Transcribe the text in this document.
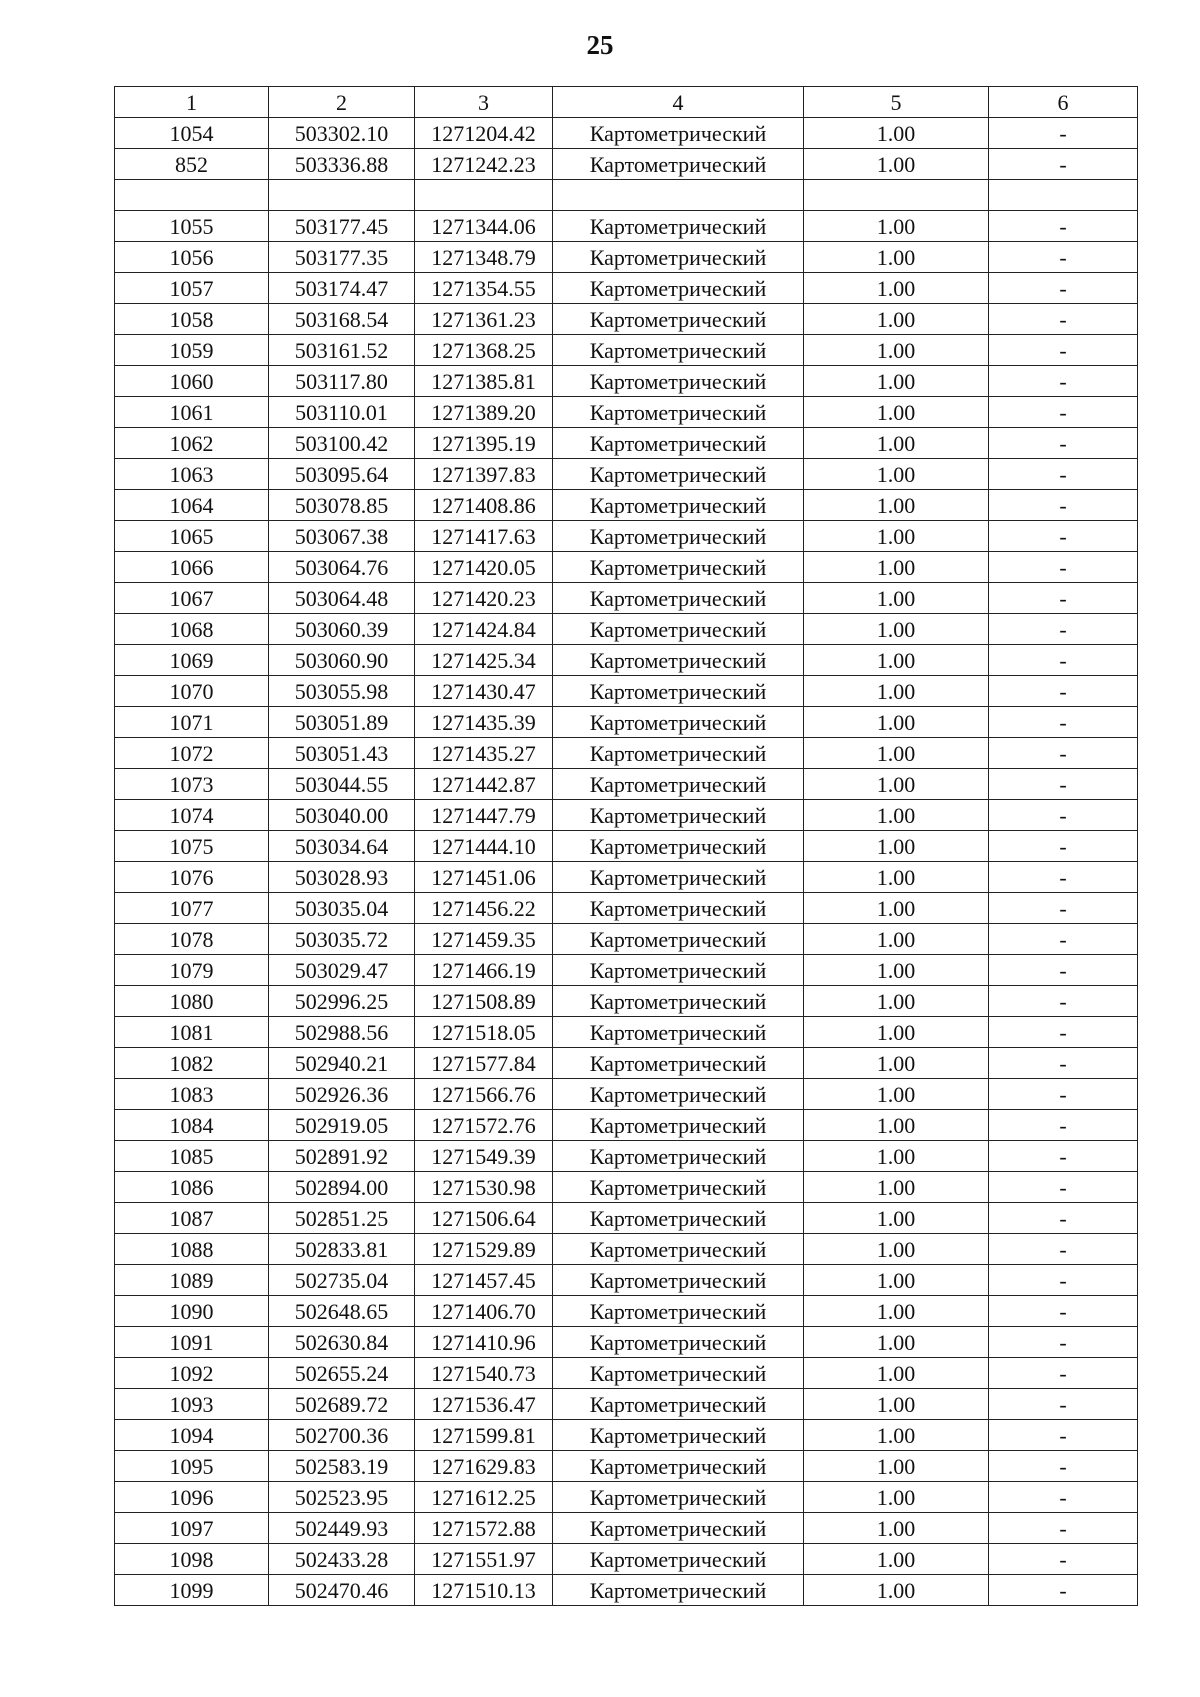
25
1	2	3	4	5	6
1054	503302.10	1271204.42	Картометрический	1.00	-
852	503336.88	1271242.23	Картометрический	1.00	-

1055	503177.45	1271344.06	Картометрический	1.00	-
1056	503177.35	1271348.79	Картометрический	1.00	-
1057	503174.47	1271354.55	Картометрический	1.00	-
1058	503168.54	1271361.23	Картометрический	1.00	-
1059	503161.52	1271368.25	Картометрический	1.00	-
1060	503117.80	1271385.81	Картометрический	1.00	-
1061	503110.01	1271389.20	Картометрический	1.00	-
1062	503100.42	1271395.19	Картометрический	1.00	-
1063	503095.64	1271397.83	Картометрический	1.00	-
1064	503078.85	1271408.86	Картометрический	1.00	-
1065	503067.38	1271417.63	Картометрический	1.00	-
1066	503064.76	1271420.05	Картометрический	1.00	-
1067	503064.48	1271420.23	Картометрический	1.00	-
1068	503060.39	1271424.84	Картометрический	1.00	-
1069	503060.90	1271425.34	Картометрический	1.00	-
1070	503055.98	1271430.47	Картометрический	1.00	-
1071	503051.89	1271435.39	Картометрический	1.00	-
1072	503051.43	1271435.27	Картометрический	1.00	-
1073	503044.55	1271442.87	Картометрический	1.00	-
1074	503040.00	1271447.79	Картометрический	1.00	-
1075	503034.64	1271444.10	Картометрический	1.00	-
1076	503028.93	1271451.06	Картометрический	1.00	-
1077	503035.04	1271456.22	Картометрический	1.00	-
1078	503035.72	1271459.35	Картометрический	1.00	-
1079	503029.47	1271466.19	Картометрический	1.00	-
1080	502996.25	1271508.89	Картометрический	1.00	-
1081	502988.56	1271518.05	Картометрический	1.00	-
1082	502940.21	1271577.84	Картометрический	1.00	-
1083	502926.36	1271566.76	Картометрический	1.00	-
1084	502919.05	1271572.76	Картометрический	1.00	-
1085	502891.92	1271549.39	Картометрический	1.00	-
1086	502894.00	1271530.98	Картометрический	1.00	-
1087	502851.25	1271506.64	Картометрический	1.00	-
1088	502833.81	1271529.89	Картометрический	1.00	-
1089	502735.04	1271457.45	Картометрический	1.00	-
1090	502648.65	1271406.70	Картометрический	1.00	-
1091	502630.84	1271410.96	Картометрический	1.00	-
1092	502655.24	1271540.73	Картометрический	1.00	-
1093	502689.72	1271536.47	Картометрический	1.00	-
1094	502700.36	1271599.81	Картометрический	1.00	-
1095	502583.19	1271629.83	Картометрический	1.00	-
1096	502523.95	1271612.25	Картометрический	1.00	-
1097	502449.93	1271572.88	Картометрический	1.00	-
1098	502433.28	1271551.97	Картометрический	1.00	-
1099	502470.46	1271510.13	Картометрический	1.00	-
